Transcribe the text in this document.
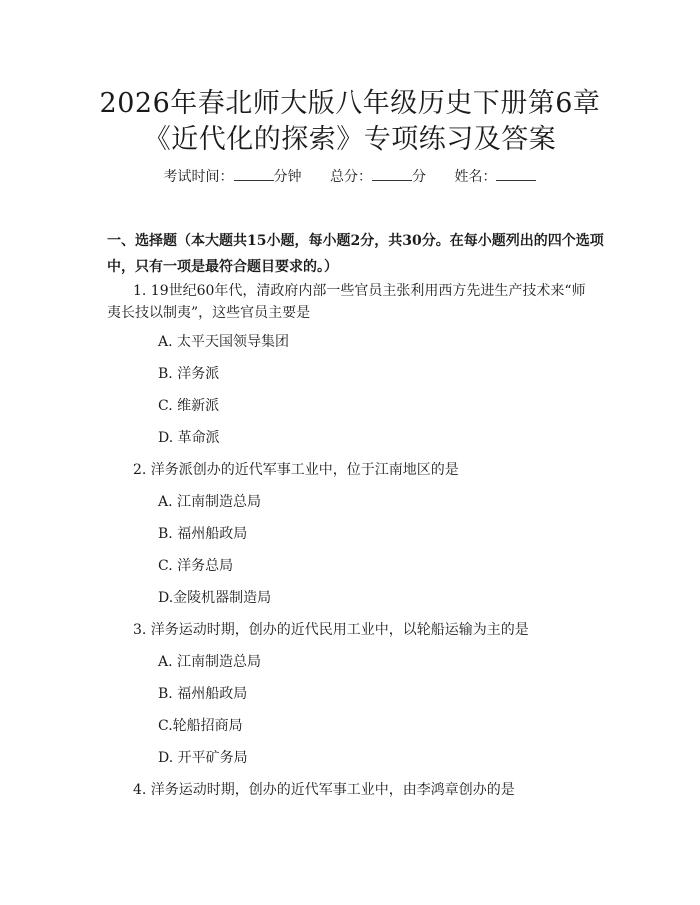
2026年春北师大版八年级历史下册第6章
《近代化的探索》专项练习及答案
考试时间：	分钟 总分：	分 姓名：
一、选择题（本大题共15小题，每小题2分，共30分。在每小题列出的四个选项中，只有一项是最符合题目要求的。）
1. 19世纪60年代，清政府内部一些官员主张利用西方先进生产技术来“师
夷长技以制夷”，这些官员主要是
A. 太平天国领导集团
B. 洋务派
C. 维新派
D. 革命派
2. 洋务派创办的近代军事工业中，位于江南地区的是
A. 江南制造总局
B. 福州船政局
C. 洋务总局
D.金陵机器制造局
3. 洋务运动时期，创办的近代民用工业中，以轮船运输为主的是
A. 江南制造总局
B. 福州船政局
C.轮船招商局
D. 开平矿务局
4. 洋务运动时期，创办的近代军事工业中，由李鸿章创办的是
